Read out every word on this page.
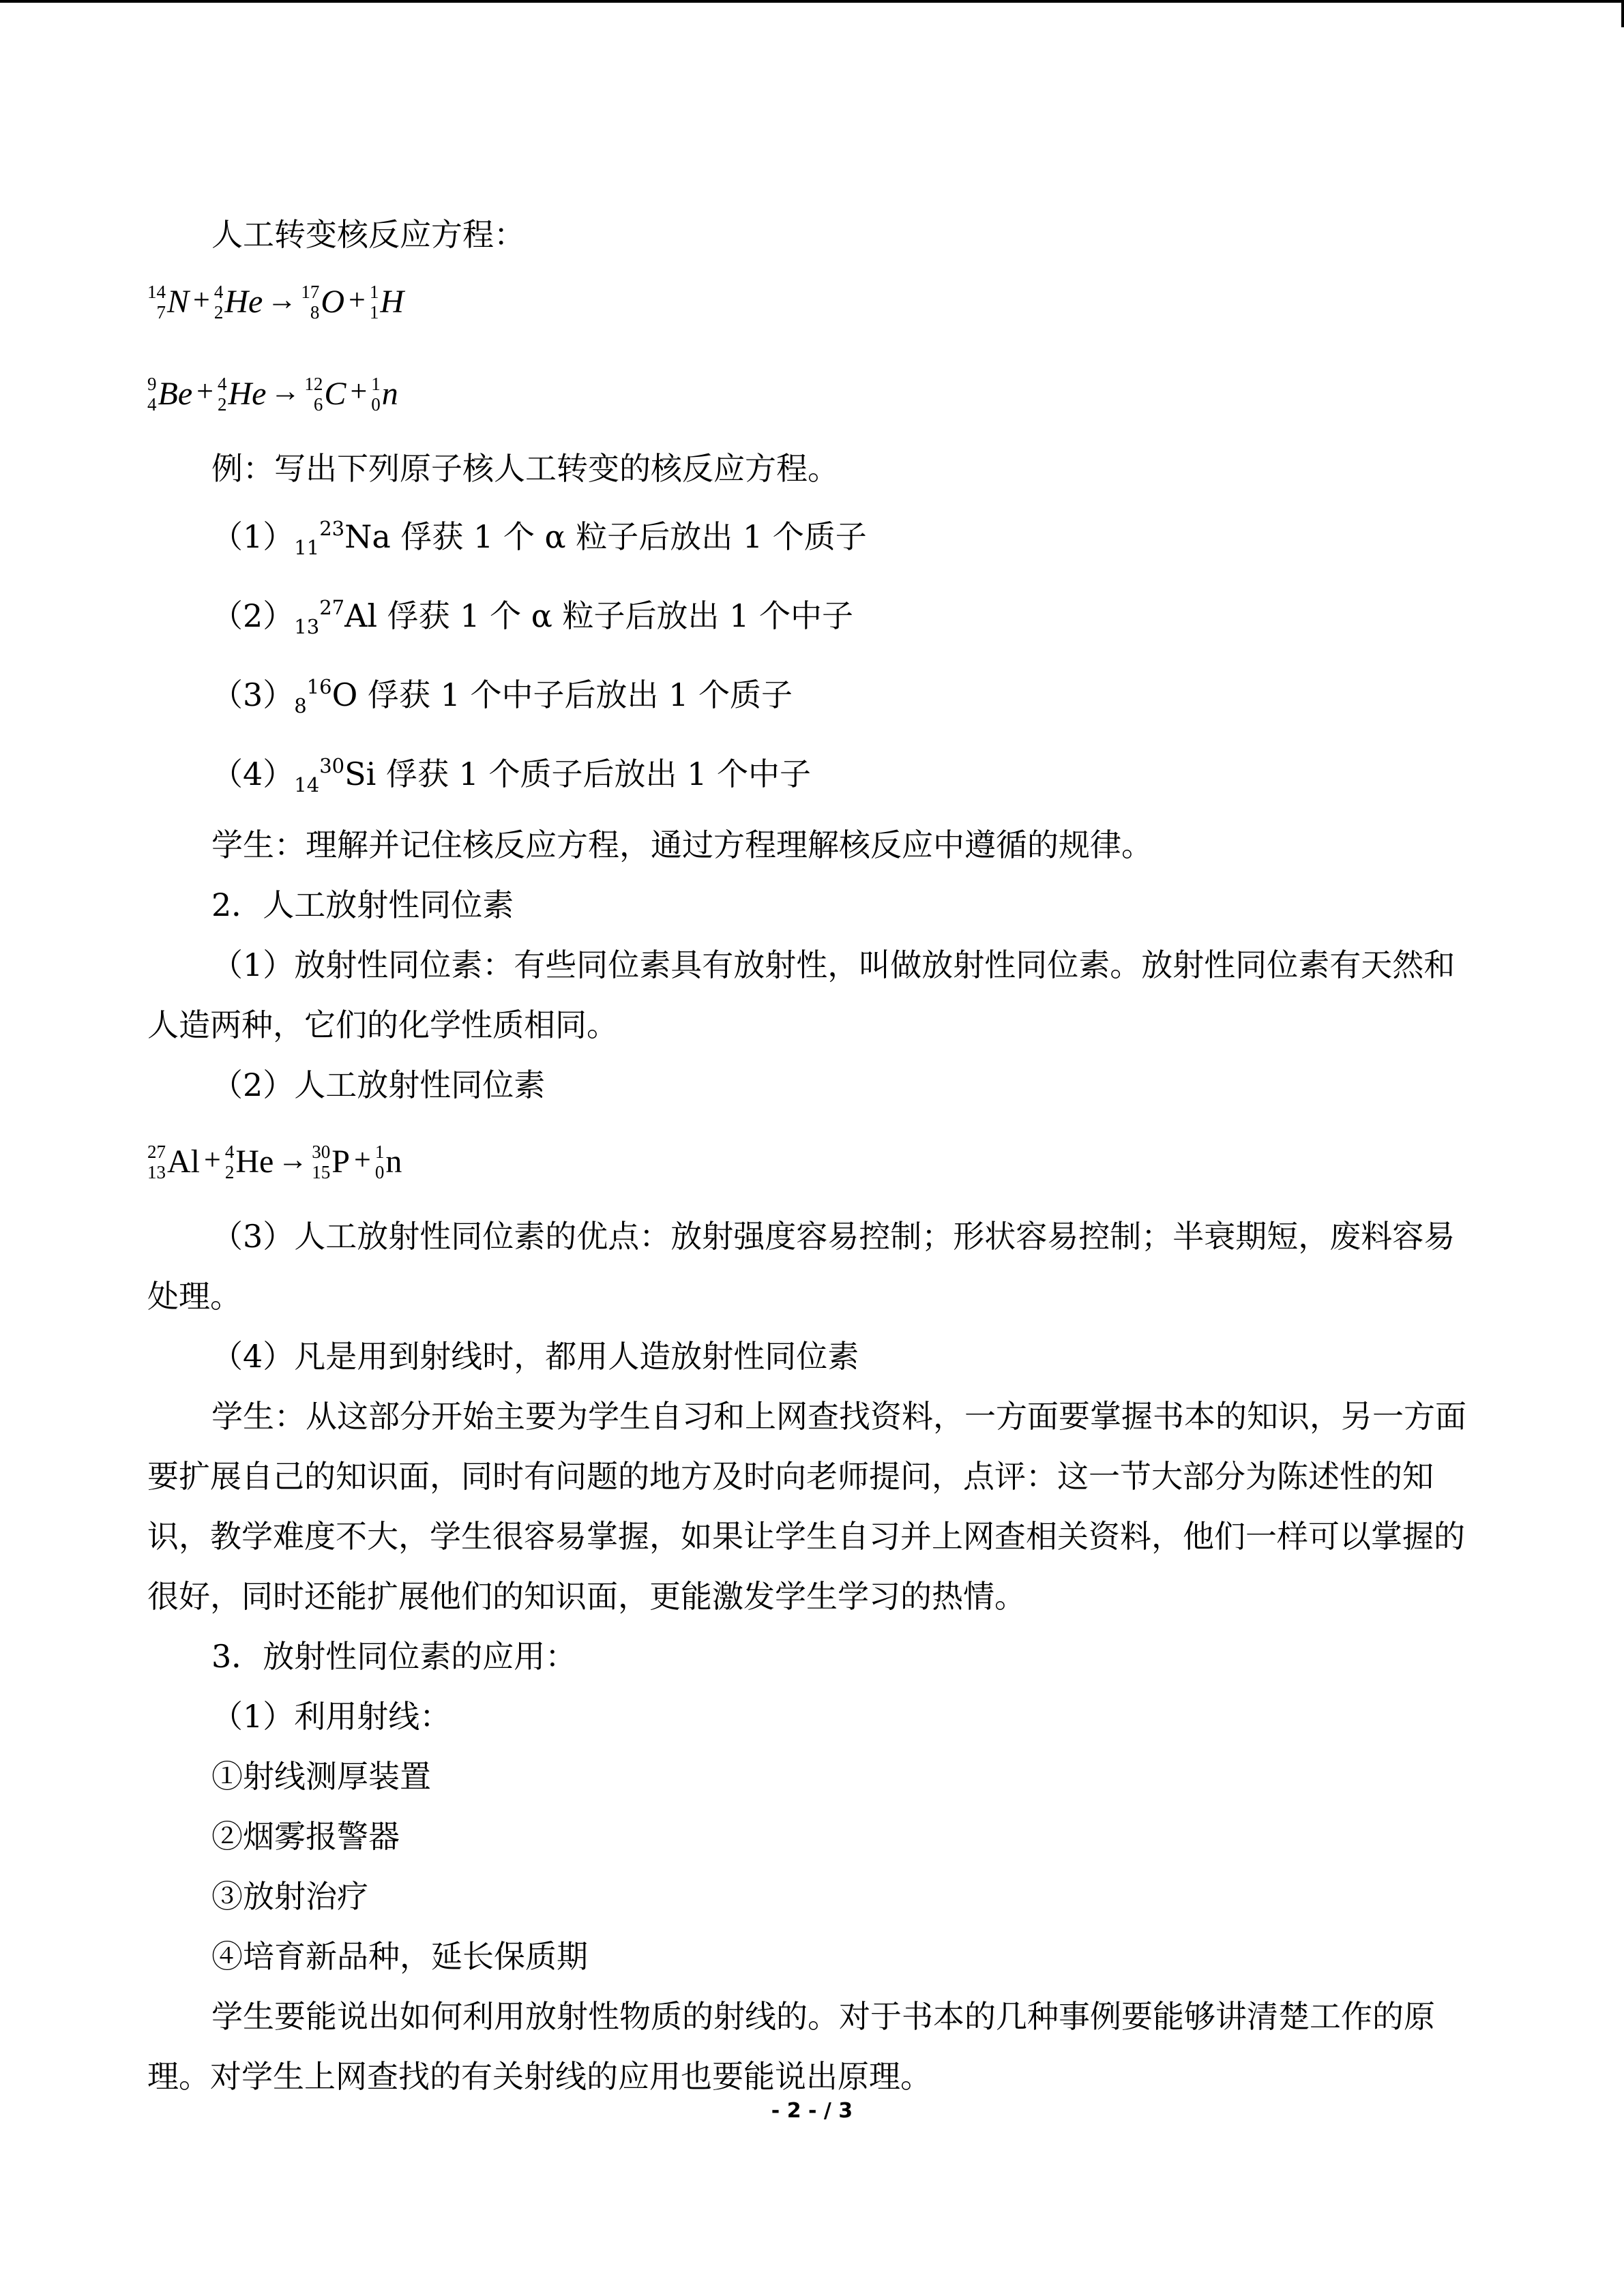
人工转变核反应方程：
14
7 N + 4
2 He → 17
8 O + 1
1 H
9
4 Be + 4
2 He → 12
6 C + 1
0 n
例：写出下列原子核人工转变的核反应方程。
$(1)_{11}^{23}Na$ 俘获 1 个 α 粒子后放出 1 个质子
$(2)_{13}^{27}Al$ 俘获 1 个 α 粒子后放出 1 个中子
$(3)_8^{16}O$ 俘获 1 个中子后放出 1 个质子
$(4)_{14}^{30}Si$ 俘获 1 个质子后放出 1 个中子
学生：理解并记住核反应方程，通过方程理解核反应中遵循的规律。
2．人工放射性同位素
（1）放射性同位素：有些同位素具有放射性，叫做放射性同位素。放射性同位素有天然和人造两种，它们的化学性质相同。
（2）人工放射性同位素
27
13 Al + 4
2 He → 30
15 P + 1
0 n
（3）人工放射性同位素的优点：放射强度容易控制；形状容易控制；半衰期短，废料容易处理。
（4）凡是用到射线时，都用人造放射性同位素
学生：从这部分开始主要为学生自习和上网查找资料，一方面要掌握书本的知识，另一方面要扩展自己的知识面，同时有问题的地方及时向老师提问，点评：这一节大部分为陈述性的知识，教学难度不大，学生很容易掌握，如果让学生自习并上网查相关资料，他们一样可以掌握的很好，同时还能扩展他们的知识面，更能激发学生学习的热情。
3．放射性同位素的应用：
（1）利用射线：
①射线测厚装置
②烟雾报警器
③放射治疗
④培育新品种，延长保质期
学生要能说出如何利用放射性物质的射线的。对于书本的几种事例要能够讲清楚工作的原理。对学生上网查找的有关射线的应用也要能说出原理。
- 2 - / 3
